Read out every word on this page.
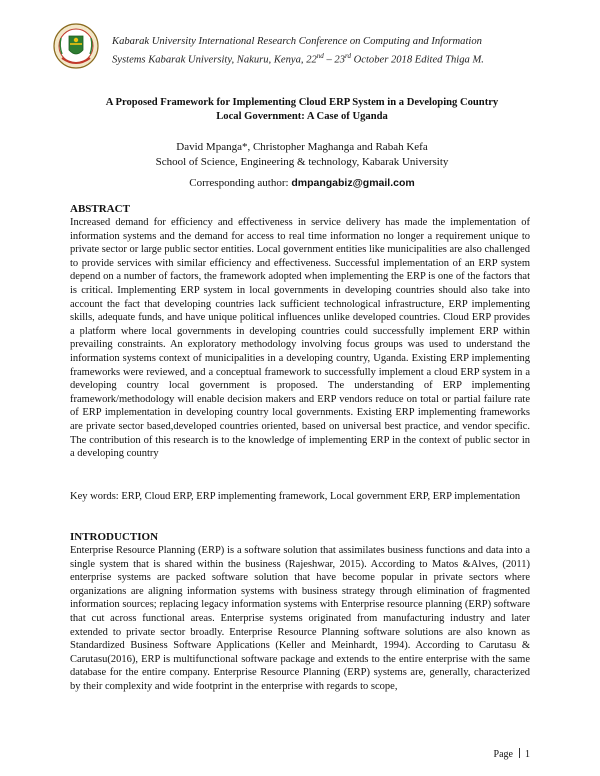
Kabarak University International Research Conference on Computing and Information
Systems Kabarak University, Nakuru, Kenya, 22nd – 23rd October 2018 Edited Thiga M.
A Proposed Framework for Implementing Cloud ERP System in a Developing Country
Local Government: A Case of Uganda
David Mpanga*, Christopher Maghanga and Rabah Kefa
School of Science, Engineering & technology, Kabarak University
Corresponding author: dmpangabiz@gmail.com
ABSTRACT
Increased demand for efficiency and effectiveness in service delivery has made the implementation of information systems and the demand for access to real time information no longer a requirement unique to private sector or large public sector entities. Local government entities like municipalities are also challenged to provide services with similar efficiency and effectiveness. Successful implementation of an ERP system depend on a number of factors, the framework adopted when implementing the ERP is one of the factors that is critical. Implementing ERP system in local governments in developing countries should also take into account the fact that developing countries lack sufficient technological infrastructure, ERP implementing skills, adequate funds, and have unique political influences unlike developed countries. Cloud ERP provides a platform where local governments in developing countries could successfully implement ERP within prevailing constraints. An exploratory methodology involving focus groups was used to understand the information systems context of municipalities in a developing country, Uganda. Existing ERP implementing frameworks were reviewed, and a conceptual framework to successfully implement a cloud ERP system in a developing country local government is proposed. The understanding of ERP implementing framework/methodology will enable decision makers and ERP vendors reduce on total or partial failure rate of ERP implementation in developing country local governments. Existing ERP implementing frameworks are private sector based,developed countries oriented, based on universal best practice, and vendor specific. The contribution of this research is to the knowledge of implementing ERP in the context of public sector in a developing country
Key words: ERP, Cloud ERP, ERP implementing framework, Local government ERP, ERP implementation
INTRODUCTION
Enterprise Resource Planning (ERP) is a software solution that assimilates business functions and data into a single system that is shared within the business (Rajeshwar, 2015). According to Matos &Alves, (2011) enterprise systems are packed software solution that have become popular in private sectors where organizations are aligning information systems with business strategy through elimination of fragmented information sources; replacing legacy information systems with Enterprise resource planning (ERP) software that cut across functional areas. Enterprise systems originated from manufacturing industry and later extended to private sector broadly. Enterprise Resource Planning software solutions are also known as Standardized Business Software Applications (Keller and Meinhardt, 1994). According to Carutasu & Carutasu(2016), ERP is multifunctional software package and extends to the entire enterprise with the same database for the entire company. Enterprise Resource Planning (ERP) systems are, generally, characterized by their complexity and wide footprint in the enterprise with regards to scope,
Page 1
